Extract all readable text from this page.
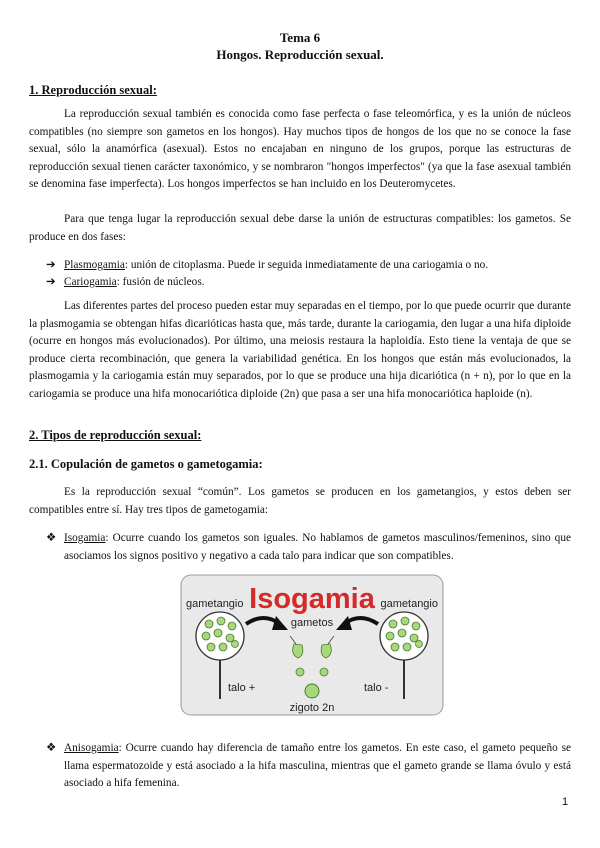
Tema 6
Hongos. Reproducción sexual.
1. Reproducción sexual:

La reproducción sexual también es conocida como fase perfecta o fase teleomórfica, y es la unión de núcleos compatibles (no siempre son gametos en los hongos). Hay muchos tipos de hongos de los que no se conoce la fase sexual, sólo la anamórfica (asexual). Estos no encajaban en ninguno de los grupos, porque las estructuras de reproducción sexual tienen carácter taxonómico, y se nombraron "hongos imperfectos" (ya que la fase asexual también se denomina fase imperfecta). Los hongos imperfectos se han incluido en los Deuteromycetes.

Para que tenga lugar la reproducción sexual debe darse la unión de estructuras compatibles: los gametos. Se produce en dos fases:

➔ Plasmogamia: unión de citoplasma. Puede ir seguida inmediatamente de una cariogamia o no.
➔ Cariogamia: fusión de núcleos.

Las diferentes partes del proceso pueden estar muy separadas en el tiempo, por lo que puede ocurrir que durante la plasmogamia se obtengan hifas dicarióticas hasta que, más tarde, durante la cariogamia, den lugar a una hifa diploide (ocurre en hongos más evolucionados). Por último, una meiosis restaura la haploidía. Esto tiene la ventaja de que se produce cierta recombinación, que genera la variabilidad genética. En los hongos que están más evolucionados, la plasmogamia y la cariogamia están muy separados, por lo que se produce una hija dicariótica (n + n), por lo que en la cariogamia se produce una hifa monocariótica diploide (2n) que pasa a ser una hifa monocariótica haploide (n).

2. Tipos de reproducción sexual:
2.1. Copulación de gametos o gametogamia:

Es la reproducción sexual “común”. Los gametos se producen en los gametangios, y estos deben ser compatibles entre sí. Hay tres tipos de gametogamia:

❖ Isogamia: Ocurre cuando los gametos son iguales. No hablamos de gametos masculinos/femeninos, sino que asociamos los signos positivo y negativo a cada talo para indicar que son compatibles.
Isogamia
gametangio	gametangio
talo +	talo -
gametos
zigoto 2n
❖ Anisogamia: Ocurre cuando hay diferencia de tamaño entre los gametos. En este caso, el gameto pequeño se llama espermatozoide y está asociado a la hifa masculina, mientras que el gameto grande se llama óvulo y está asociado a hifa femenina.
1
